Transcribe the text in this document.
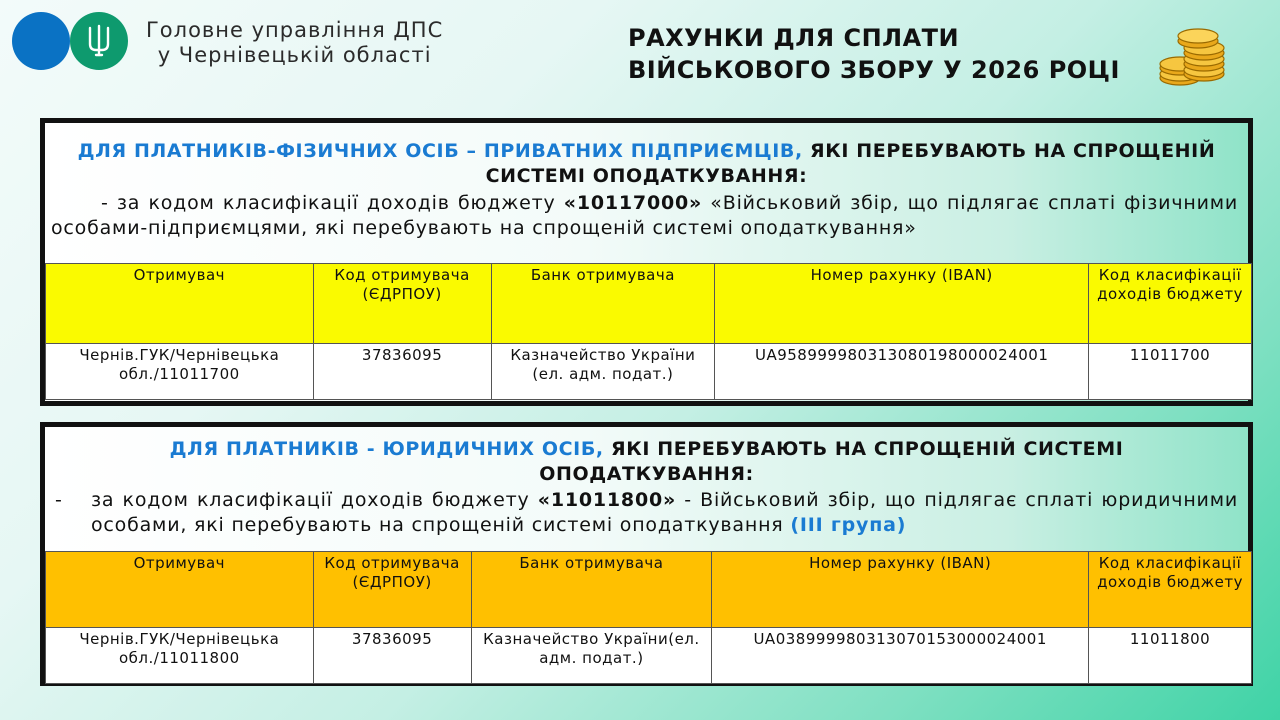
Головне управління ДПС
у Чернівецькій області
РАХУНКИ ДЛЯ СПЛАТИ
ВІЙСЬКОВОГО ЗБОРУ У 2026 РОЦІ
ДЛЯ ПЛАТНИКІВ-ФІЗИЧНИХ ОСІБ – ПРИВАТНИХ ПІДПРИЄМЦІВ, ЯКІ ПЕРЕБУВАЮТЬ НА СПРОЩЕНІЙ СИСТЕМІ ОПОДАТКУВАННЯ:
- за кодом класифікації доходів бюджету «10117000» «Військовий збір, що підлягає сплаті фізичними особами-підприємцями, які перебувають на спрощеній системі оподаткування»
Отримувач	Код отримувача (ЄДРПОУ)	Банк отримувача	Номер рахунку (IBAN)	Код класифікації доходів бюджету
Чернів.ГУК/Чернівецька обл./11011700	37836095	Казначейство України (ел. адм. подат.)	UA958999980313080198000024001	11011700
ДЛЯ ПЛАТНИКІВ - ЮРИДИЧНИХ ОСІБ, ЯКІ ПЕРЕБУВАЮТЬ НА СПРОЩЕНІЙ СИСТЕМІ ОПОДАТКУВАННЯ:
-	за кодом класифікації доходів бюджету «11011800» - Військовий збір, що підлягає сплаті юридичними особами, які перебувають на спрощеній системі оподаткування (ІІІ група)
Отримувач	Код отримувача (ЄДРПОУ)	Банк отримувача	Номер рахунку (IBAN)	Код класифікації доходів бюджету
Чернів.ГУК/Чернівецька обл./11011800	37836095	Казначейство України(ел. адм. подат.)	UA038999980313070153000024001	11011800
